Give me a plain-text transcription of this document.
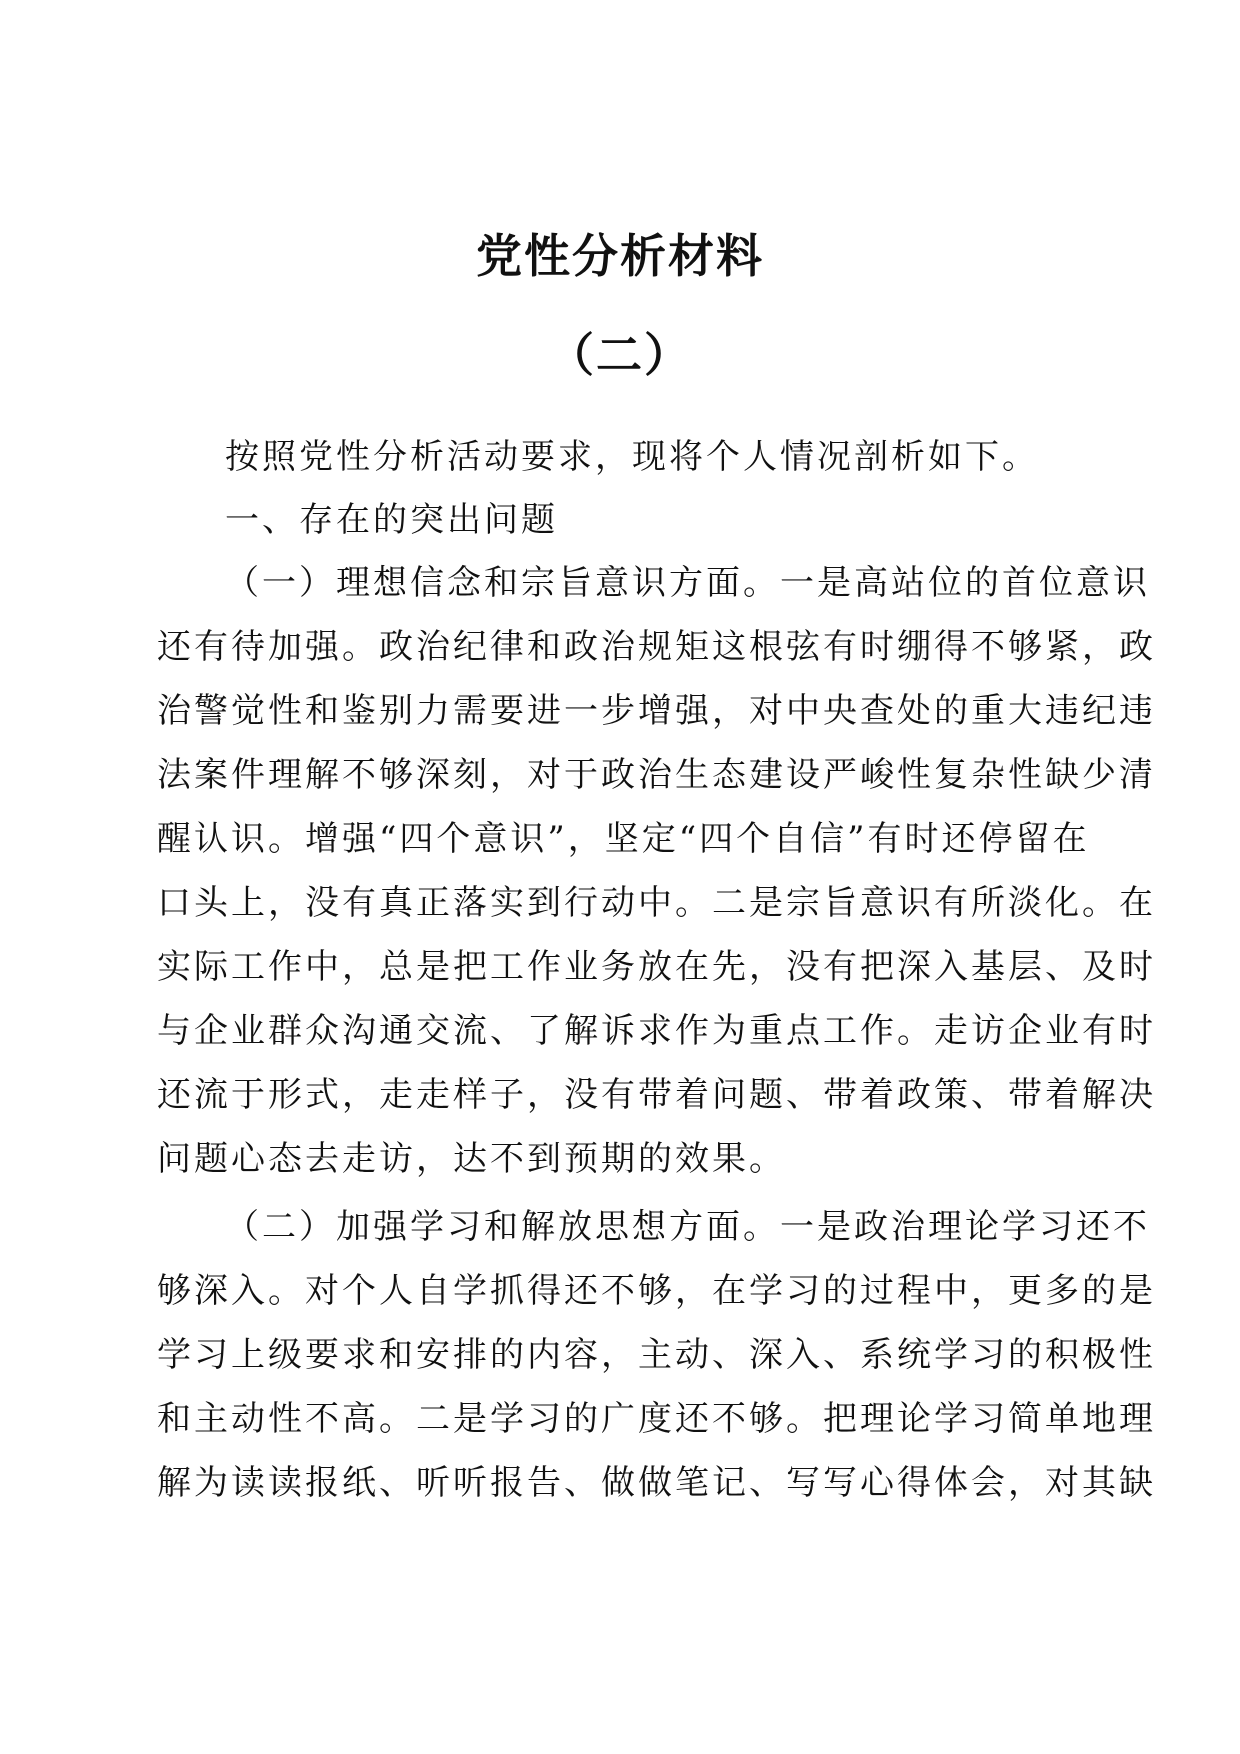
党性分析材料
（二）
按照党性分析活动要求，现将个人情况剖析如下。
一、存在的突出问题
（一）理想信念和宗旨意识方面。一是高站位的首位意识
还有待加强。政治纪律和政治规矩这根弦有时绷得不够紧，政
治警觉性和鉴别力需要进一步增强，对中央查处的重大违纪违
法案件理解不够深刻，对于政治生态建设严峻性复杂性缺少清
醒认识。增强“四个意识”，坚定“四个自信”有时还停留在
口头上，没有真正落实到行动中。二是宗旨意识有所淡化。在
实际工作中，总是把工作业务放在先，没有把深入基层、及时
与企业群众沟通交流、了解诉求作为重点工作。走访企业有时
还流于形式，走走样子，没有带着问题、带着政策、带着解决
问题心态去走访，达不到预期的效果。
（二）加强学习和解放思想方面。一是政治理论学习还不
够深入。对个人自学抓得还不够，在学习的过程中，更多的是
学习上级要求和安排的内容，主动、深入、系统学习的积极性
和主动性不高。二是学习的广度还不够。把理论学习简单地理
解为读读报纸、听听报告、做做笔记、写写心得体会，对其缺
